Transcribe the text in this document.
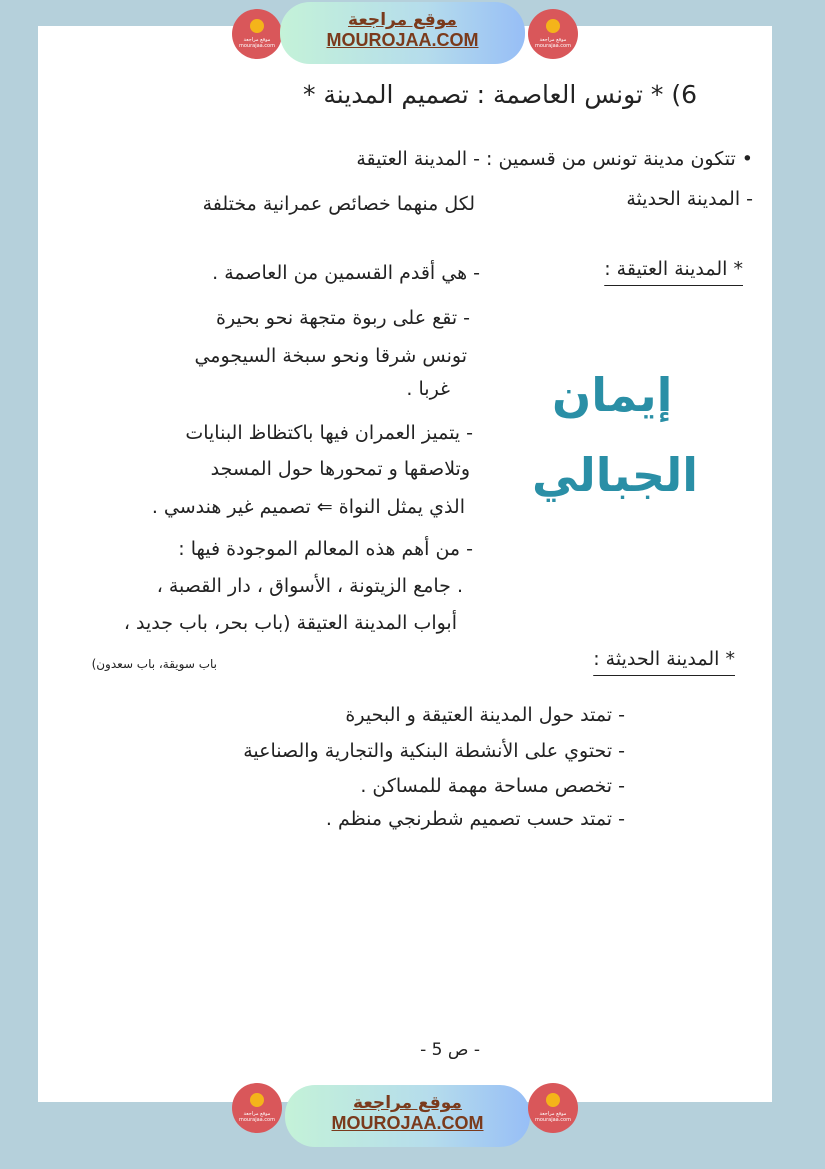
موقع مراجعة mourajaa.com
موقع مراجعة
MOUROJAA.COM	موقع مراجعة mourajaa.com
6) * تونس العاصمة : تصميم المدينة *
• تتكون مدينة تونس من قسمين : - المدينة العتيقة
لكل منهما خصائص عمرانية مختلفة	- المدينة الحديثة
* المدينة العتيقة :
- هي أقدم القسمين من العاصمة .
- تقع على ربوة متجهة نحو بحيرة
تونس شرقا ونحو سبخة السيجومي
غربا .
- يتميز العمران فيها باكتظاظ البنايات
وتلاصقها و تمحورها حول المسجد
الذي يمثل النواة ⇐ تصميم غير هندسي .
- من أهم هذه المعالم الموجودة فيها :
. جامع الزيتونة ، الأسواق ، دار القصبة ،
أبواب المدينة العتيقة (باب بحر، باب جديد ،
باب سويقة، باب سعدون)
إيمان
الجبالي
* المدينة الحديثة :
- تمتد حول المدينة العتيقة و البحيرة
- تحتوي على الأنشطة البنكية والتجارية والصناعية
- تخصص مساحة مهمة للمساكن .
- تمتد حسب تصميم شطرنجي منظم .
- ص 5 -
موقع مراجعة mourajaa.com
موقع مراجعة
MOUROJAA.COM	موقع مراجعة mourajaa.com
